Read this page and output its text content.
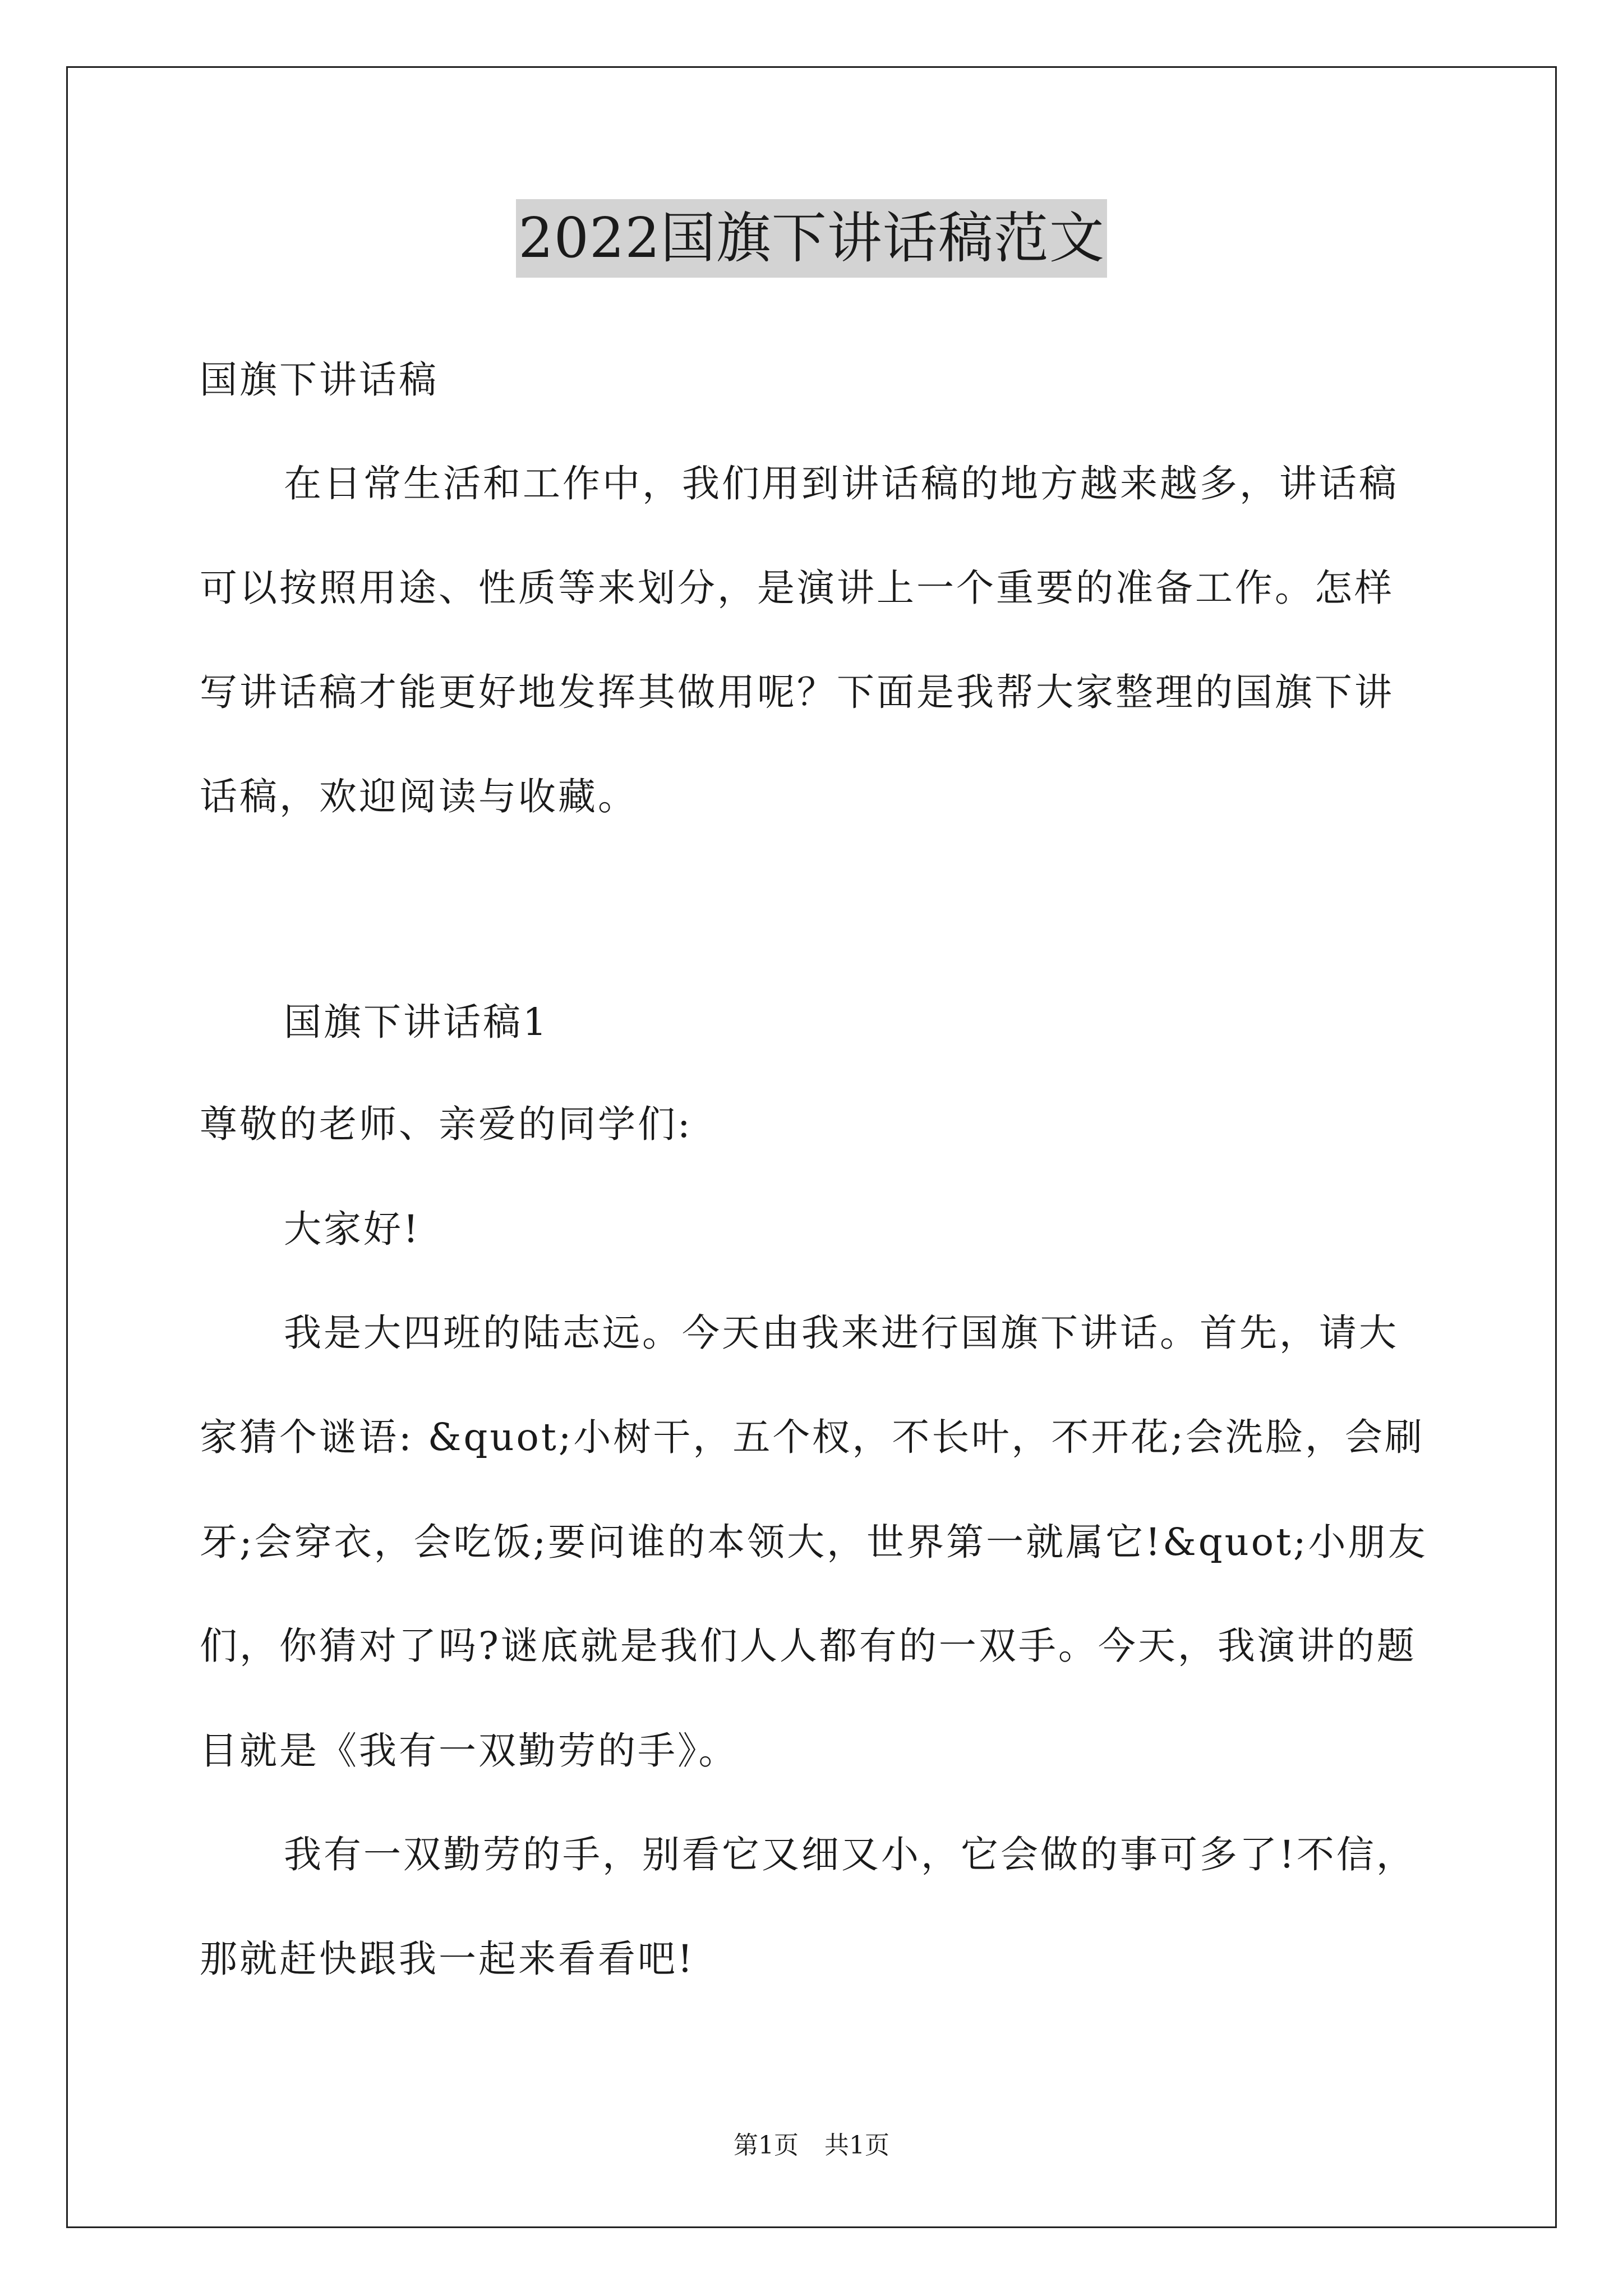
2022国旗下讲话稿范文
国旗下讲话稿
在日常生活和工作中，我们用到讲话稿的地方越来越多，讲话稿
可以按照用途、性质等来划分，是演讲上一个重要的准备工作。怎样
写讲话稿才能更好地发挥其做用呢？下面是我帮大家整理的国旗下讲
话稿，欢迎阅读与收藏。
国旗下讲话稿1
尊敬的老师、亲爱的同学们:
大家好!
我是大四班的陆志远。今天由我来进行国旗下讲话。首先，请大
家猜个谜语: &quot;小树干，五个杈，不长叶，不开花;会洗脸，会刷
牙;会穿衣，会吃饭;要问谁的本领大，世界第一就属它!&quot;小朋友
们，你猜对了吗?谜底就是我们人人都有的一双手。今天，我演讲的题
目就是《我有一双勤劳的手》。
我有一双勤劳的手，别看它又细又小，它会做的事可多了!不信，
那就赶快跟我一起来看看吧!
第1页 共1页
